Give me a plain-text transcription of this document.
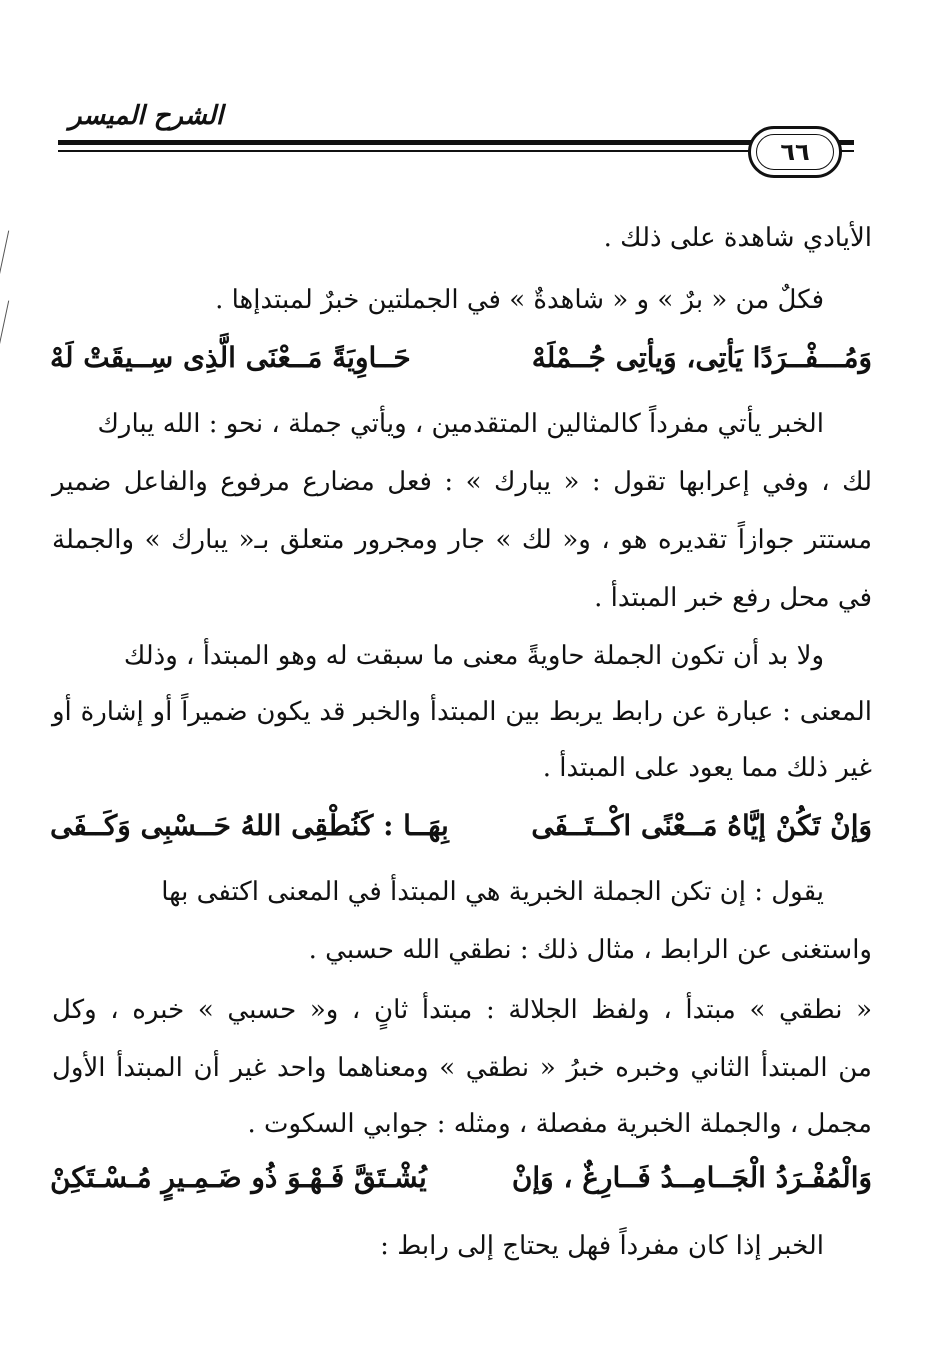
الشرح الميسر
٦٦
الأيادي شاهدة على ذلك .
فكلٌ من « برٌ » و « شاهدةٌ » في الجملتين خبرٌ لمبتدإها .
وَمُـــفْــرَدًا يَأتِى، وَيأتِى جُــمْلَهْ
حَــاوِيَةً مَــعْنَى الَّذِى سِــيقَتْ لَهْ
الخبر يأتي مفرداً كالمثالين المتقدمين ، ويأتي جملة ، نحو : الله يبارك
لك ، وفي إعرابها تقول : « يبارك » : فعل مضارع مرفوع والفاعل ضمير
مستتر جوازاً تقديره هو ، و« لك » جار ومجرور متعلق بـ« يبارك » والجملة
في محل رفع خبر المبتدأ .
ولا بد أن تكون الجملة حاويةً معنى ما سبقت له وهو المبتدأ ، وذلك
المعنى : عبارة عن رابط يربط بين المبتدأ والخبر قد يكون ضميراً أو إشارة أو
غير ذلك مما يعود على المبتدأ .
وَإنْ تَكُنْ إيَّاهُ مَــعْنًى اكْــتَــفَى
بِهَــا : كَنُطْقِى اللهُ حَــسْبِى وَكَــفَى
يقول : إن تكن الجملة الخبرية هي المبتدأ في المعنى اكتفى بها
واستغنى عن الرابط ، مثال ذلك : نطقي الله حسبي .
« نطقي » مبتدأ ، ولفظ الجلالة : مبتدأ ثانٍ ، و« حسبي » خبره ، وكل
من المبتدأ الثاني وخبره خبرُ « نطقي » ومعناهما واحد غير أن المبتدأ الأول
مجمل ، والجملة الخبرية مفصلة ، ومثله : جوابي السكوت .
وَالْمُفْـرَدُ الْجَــامِــدُ فَــارِغٌ ، وَإنْ
يُشْـتَقَّ فَـهْـوَ ذُو ضَـمِـيرٍ مُـسْـتَكِنْ
الخبر إذا كان مفرداً فهل يحتاج إلى رابط :
